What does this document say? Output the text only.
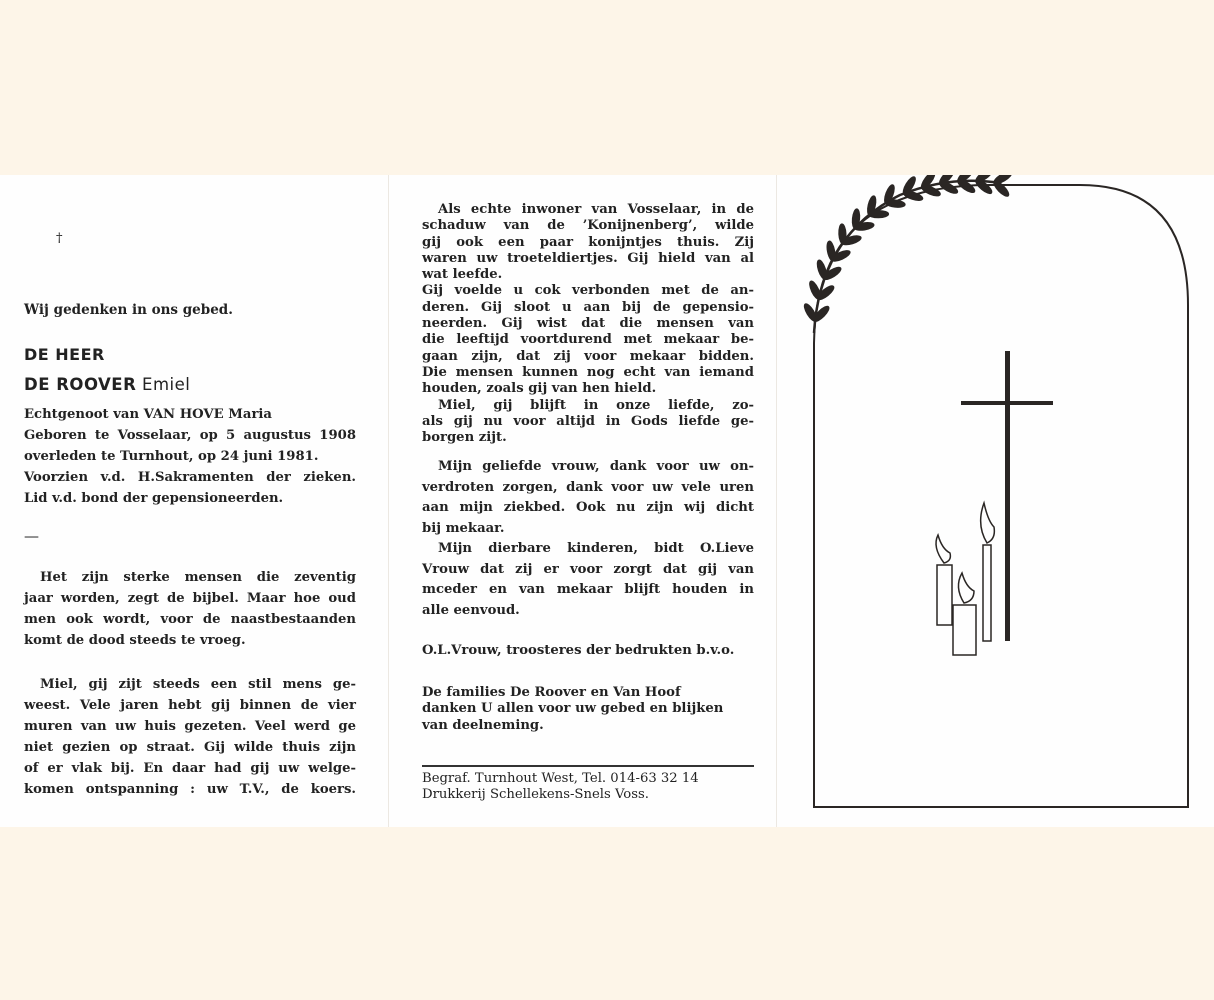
†
Wij gedenken in ons gebed.
DE HEER
DE ROOVER Emiel
Echtgenoot van VAN HOVE Maria
Geboren te Vosselaar, op 5 augustus 1908
overleden te Turnhout, op 24 juni 1981.
Voorzien v.d. H.Sakramenten der zieken.
Lid v.d. bond der gepensioneerden.
—
Het zijn sterke mensen die zeventig
jaar worden, zegt de bijbel. Maar hoe oud
men ook wordt, voor de naastbestaanden
komt de dood steeds te vroeg.
Miel, gij zijt steeds een stil mens ge-
weest. Vele jaren hebt gij binnen de vier
muren van uw huis gezeten. Veel werd ge
niet gezien op straat. Gij wilde thuis zijn
of er vlak bij. En daar had gij uw welge-
komen ontspanning : uw T.V., de koers.
Als echte inwoner van Vosselaar, in de
schaduw van de ’Konijnenberg’, wilde
gij ook een paar konijntjes thuis. Zij
waren uw troeteldiertjes. Gij hield van al
wat leefde.
Gij voelde u cok verbonden met de an-
deren. Gij sloot u aan bij de gepensio-
neerden. Gij wist dat die mensen van
die leeftijd voortdurend met mekaar be-
gaan zijn, dat zij voor mekaar bidden.
Die mensen kunnen nog echt van iemand
houden, zoals gij van hen hield.
Miel, gij blijft in onze liefde, zo-
als gij nu voor altijd in Gods liefde ge-
borgen zijt.
Mijn geliefde vrouw, dank voor uw on-
verdroten zorgen, dank voor uw vele uren
aan mijn ziekbed. Ook nu zijn wij dicht
bij mekaar.
Mijn dierbare kinderen, bidt O.Lieve
Vrouw dat zij er voor zorgt dat gij van
mceder en van mekaar blijft houden in
alle eenvoud.
O.L.Vrouw, troosteres der bedrukten b.v.o.
De families De Roover en Van Hoof
danken U allen voor uw gebed en blijken
van deelneming.
Begraf. Turnhout West, Tel. 014-63 32 14
Drukkerij Schellekens-Snels Voss.
